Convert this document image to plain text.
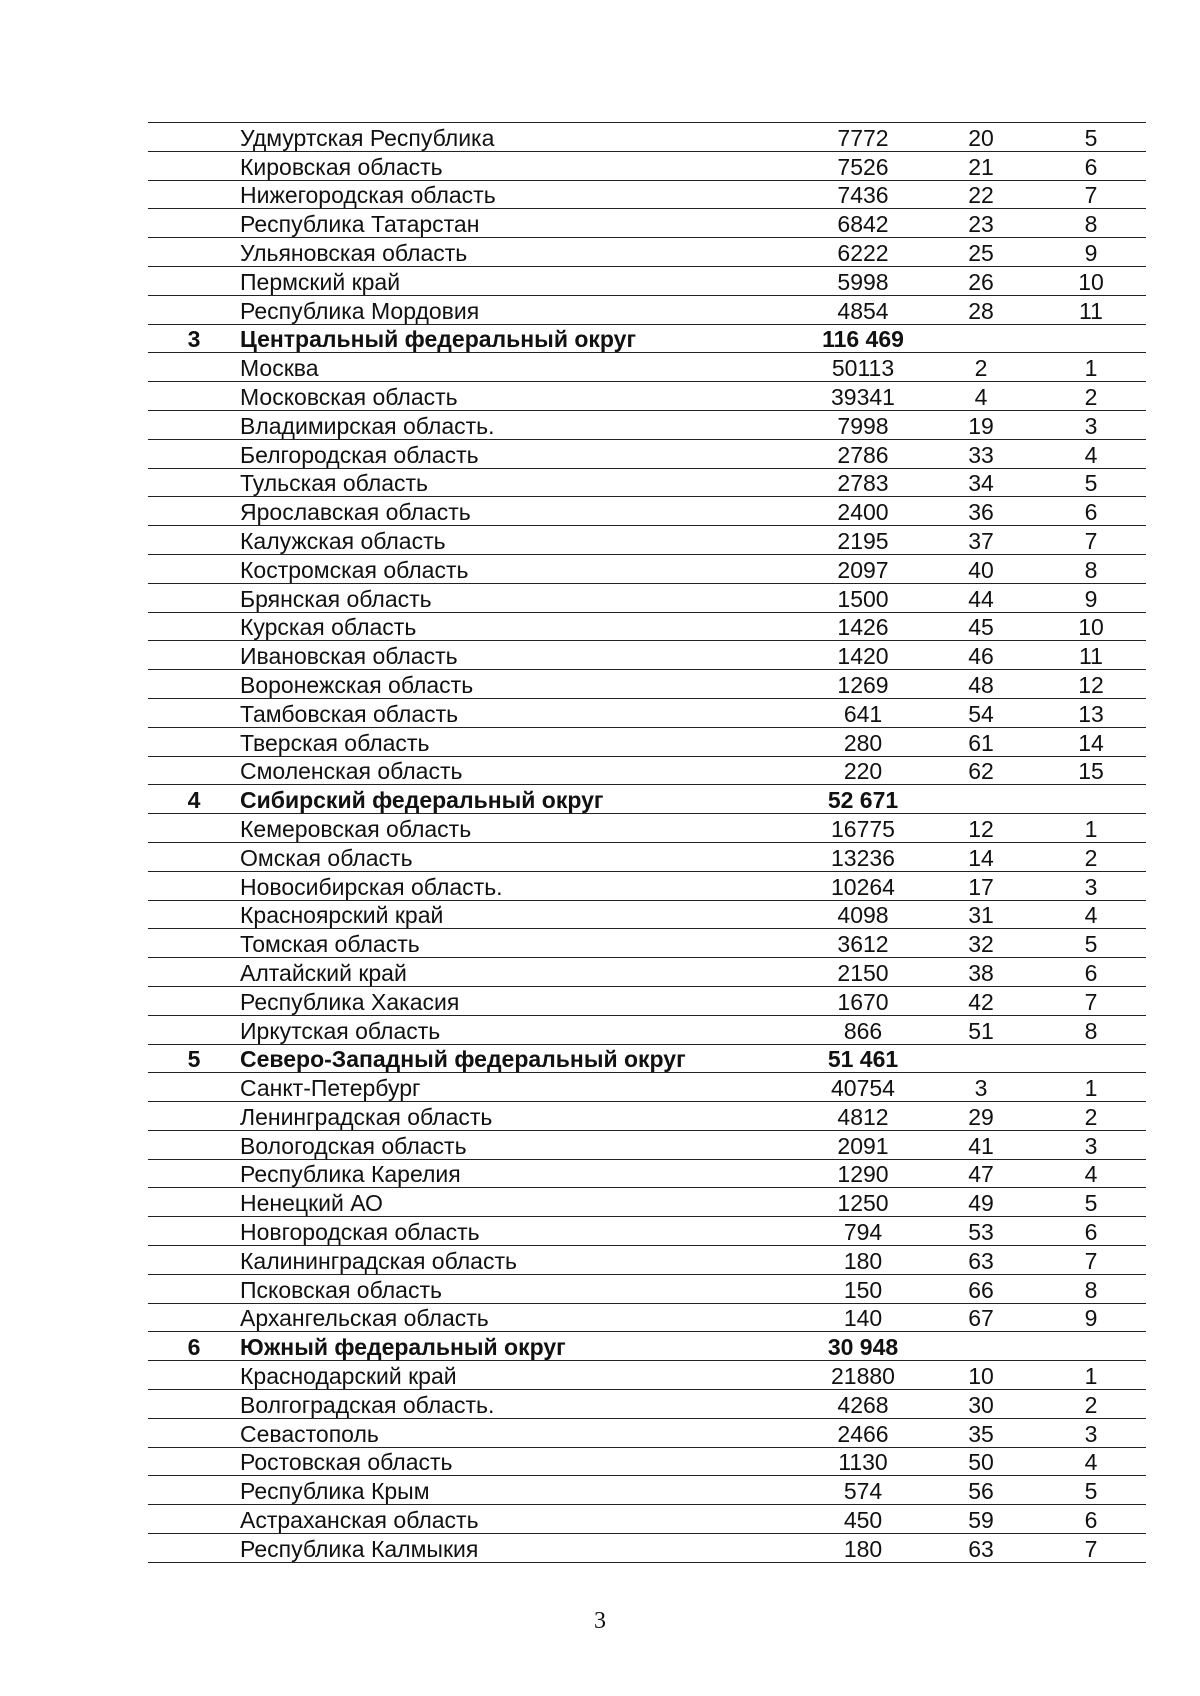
	Удмуртская Республика	7772	20	5
	Кировская область	7526	21	6
	Нижегородская область	7436	22	7
	Республика Татарстан	6842	23	8
	Ульяновская область	6222	25	9
	Пермский край	5998	26	10
	Республика Мордовия	4854	28	11
3	Центральный федеральный округ	116 469		
	Москва	50113	2	1
	Московская область	39341	4	2
	Владимирская область.	7998	19	3
	Белгородская область	2786	33	4
	Тульская область	2783	34	5
	Ярославская область	2400	36	6
	Калужская область	2195	37	7
	Костромская область	2097	40	8
	Брянская область	1500	44	9
	Курская область	1426	45	10
	Ивановская область	1420	46	11
	Воронежская область	1269	48	12
	Тамбовская область	641	54	13
	Тверская область	280	61	14
	Смоленская область	220	62	15
4	Сибирский федеральный округ	52 671		
	Кемеровская область	16775	12	1
	Омская область	13236	14	2
	Новосибирская область.	10264	17	3
	Красноярский край	4098	31	4
	Томская область	3612	32	5
	Алтайский край	2150	38	6
	Республика Хакасия	1670	42	7
	Иркутская область	866	51	8
5	Северо-Западный федеральный округ	51 461		
	Санкт-Петербург	40754	3	1
	Ленинградская область	4812	29	2
	Вологодская область	2091	41	3
	Республика Карелия	1290	47	4
	Ненецкий АО	1250	49	5
	Новгородская область	794	53	6
	Калининградская область	180	63	7
	Псковская область	150	66	8
	Архангельская область	140	67	9
6	Южный федеральный округ	30 948		
	Краснодарский край	21880	10	1
	Волгоградская область.	4268	30	2
	Севастополь	2466	35	3
	Ростовская область	1130	50	4
	Республика Крым	574	56	5
	Астраханская область	450	59	6
	Республика Калмыкия	180	63	7
3
